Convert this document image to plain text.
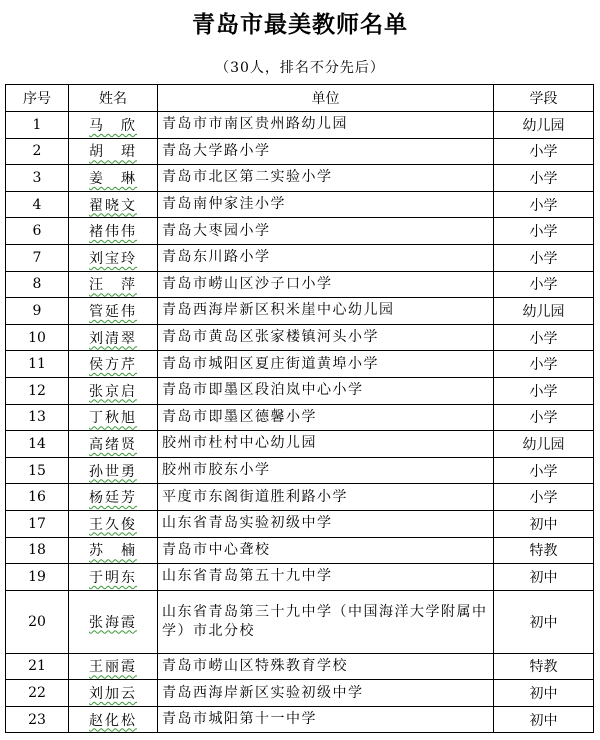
青岛市最美教师名单
（30人，排名不分先后）
序号	姓名	单位	学段
1	马　欣	青岛市市南区贵州路幼儿园	幼儿园
2	胡　珺	青岛大学路小学	小学
3	姜　琳	青岛市北区第二实验小学	小学
4	翟晓文	青岛南仲家洼小学	小学
6	褚伟伟	青岛大枣园小学	小学
7	刘宝玲	青岛东川路小学	小学
8	汪　萍	青岛市崂山区沙子口小学	小学
9	管延伟	青岛西海岸新区积米崖中心幼儿园	幼儿园
10	刘清翠	青岛市黄岛区张家楼镇河头小学	小学
11	侯方芹	青岛市城阳区夏庄街道黄埠小学	小学
12	张京启	青岛市即墨区段泊岚中心小学	小学
13	丁秋旭	青岛市即墨区德馨小学	小学
14	高绪贤	胶州市杜村中心幼儿园	幼儿园
15	孙世勇	胶州市胶东小学	小学
16	杨廷芳	平度市东阁街道胜利路小学	小学
17	王久俊	山东省青岛实验初级中学	初中
18	苏　楠	青岛市中心聋校	特教
19	于明东	山东省青岛第五十九中学	初中
20	张海霞	山东省青岛第三十九中学（中国海洋大学附属中学）市北分校	初中
21	王丽霞	青岛市崂山区特殊教育学校	特教
22	刘加云	青岛西海岸新区实验初级中学	初中
23	赵化松	青岛市城阳第十一中学	初中
